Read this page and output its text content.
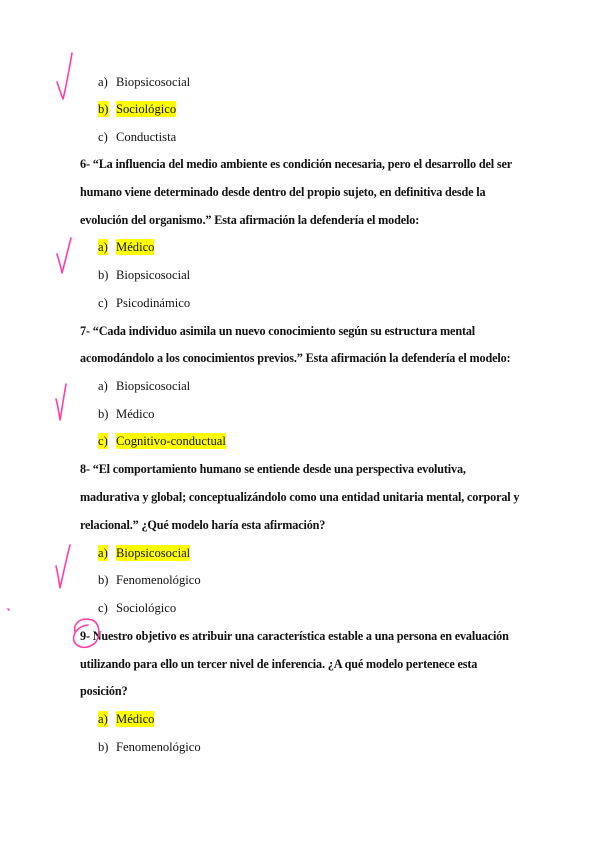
a) Biopsicosocial
b) Sociológico
c) Conductista
6- “La influencia del medio ambiente es condición necesaria, pero el desarrollo del ser
humano viene determinado desde dentro del propio sujeto, en definitiva desde la
evolución del organismo.” Esta afirmación la defendería el modelo:
a) Médico
b) Biopsicosocial
c) Psicodinámico
7- “Cada individuo asimila un nuevo conocimiento según su estructura mental
acomodándolo a los conocimientos previos.” Esta afirmación la defendería el modelo:
a) Biopsicosocial
b) Médico
c) Cognitivo-conductual
8- “El comportamiento humano se entiende desde una perspectiva evolutiva,
madurativa y global; conceptualizándolo como una entidad unitaria mental, corporal y
relacional.” ¿Qué modelo haría esta afirmación?
a) Biopsicosocial
b) Fenomenológico
c) Sociológico
9- Nuestro objetivo es atribuir una característica estable a una persona en evaluación
utilizando para ello un tercer nivel de inferencia. ¿A qué modelo pertenece esta
posición?
a) Médico
b) Fenomenológico
